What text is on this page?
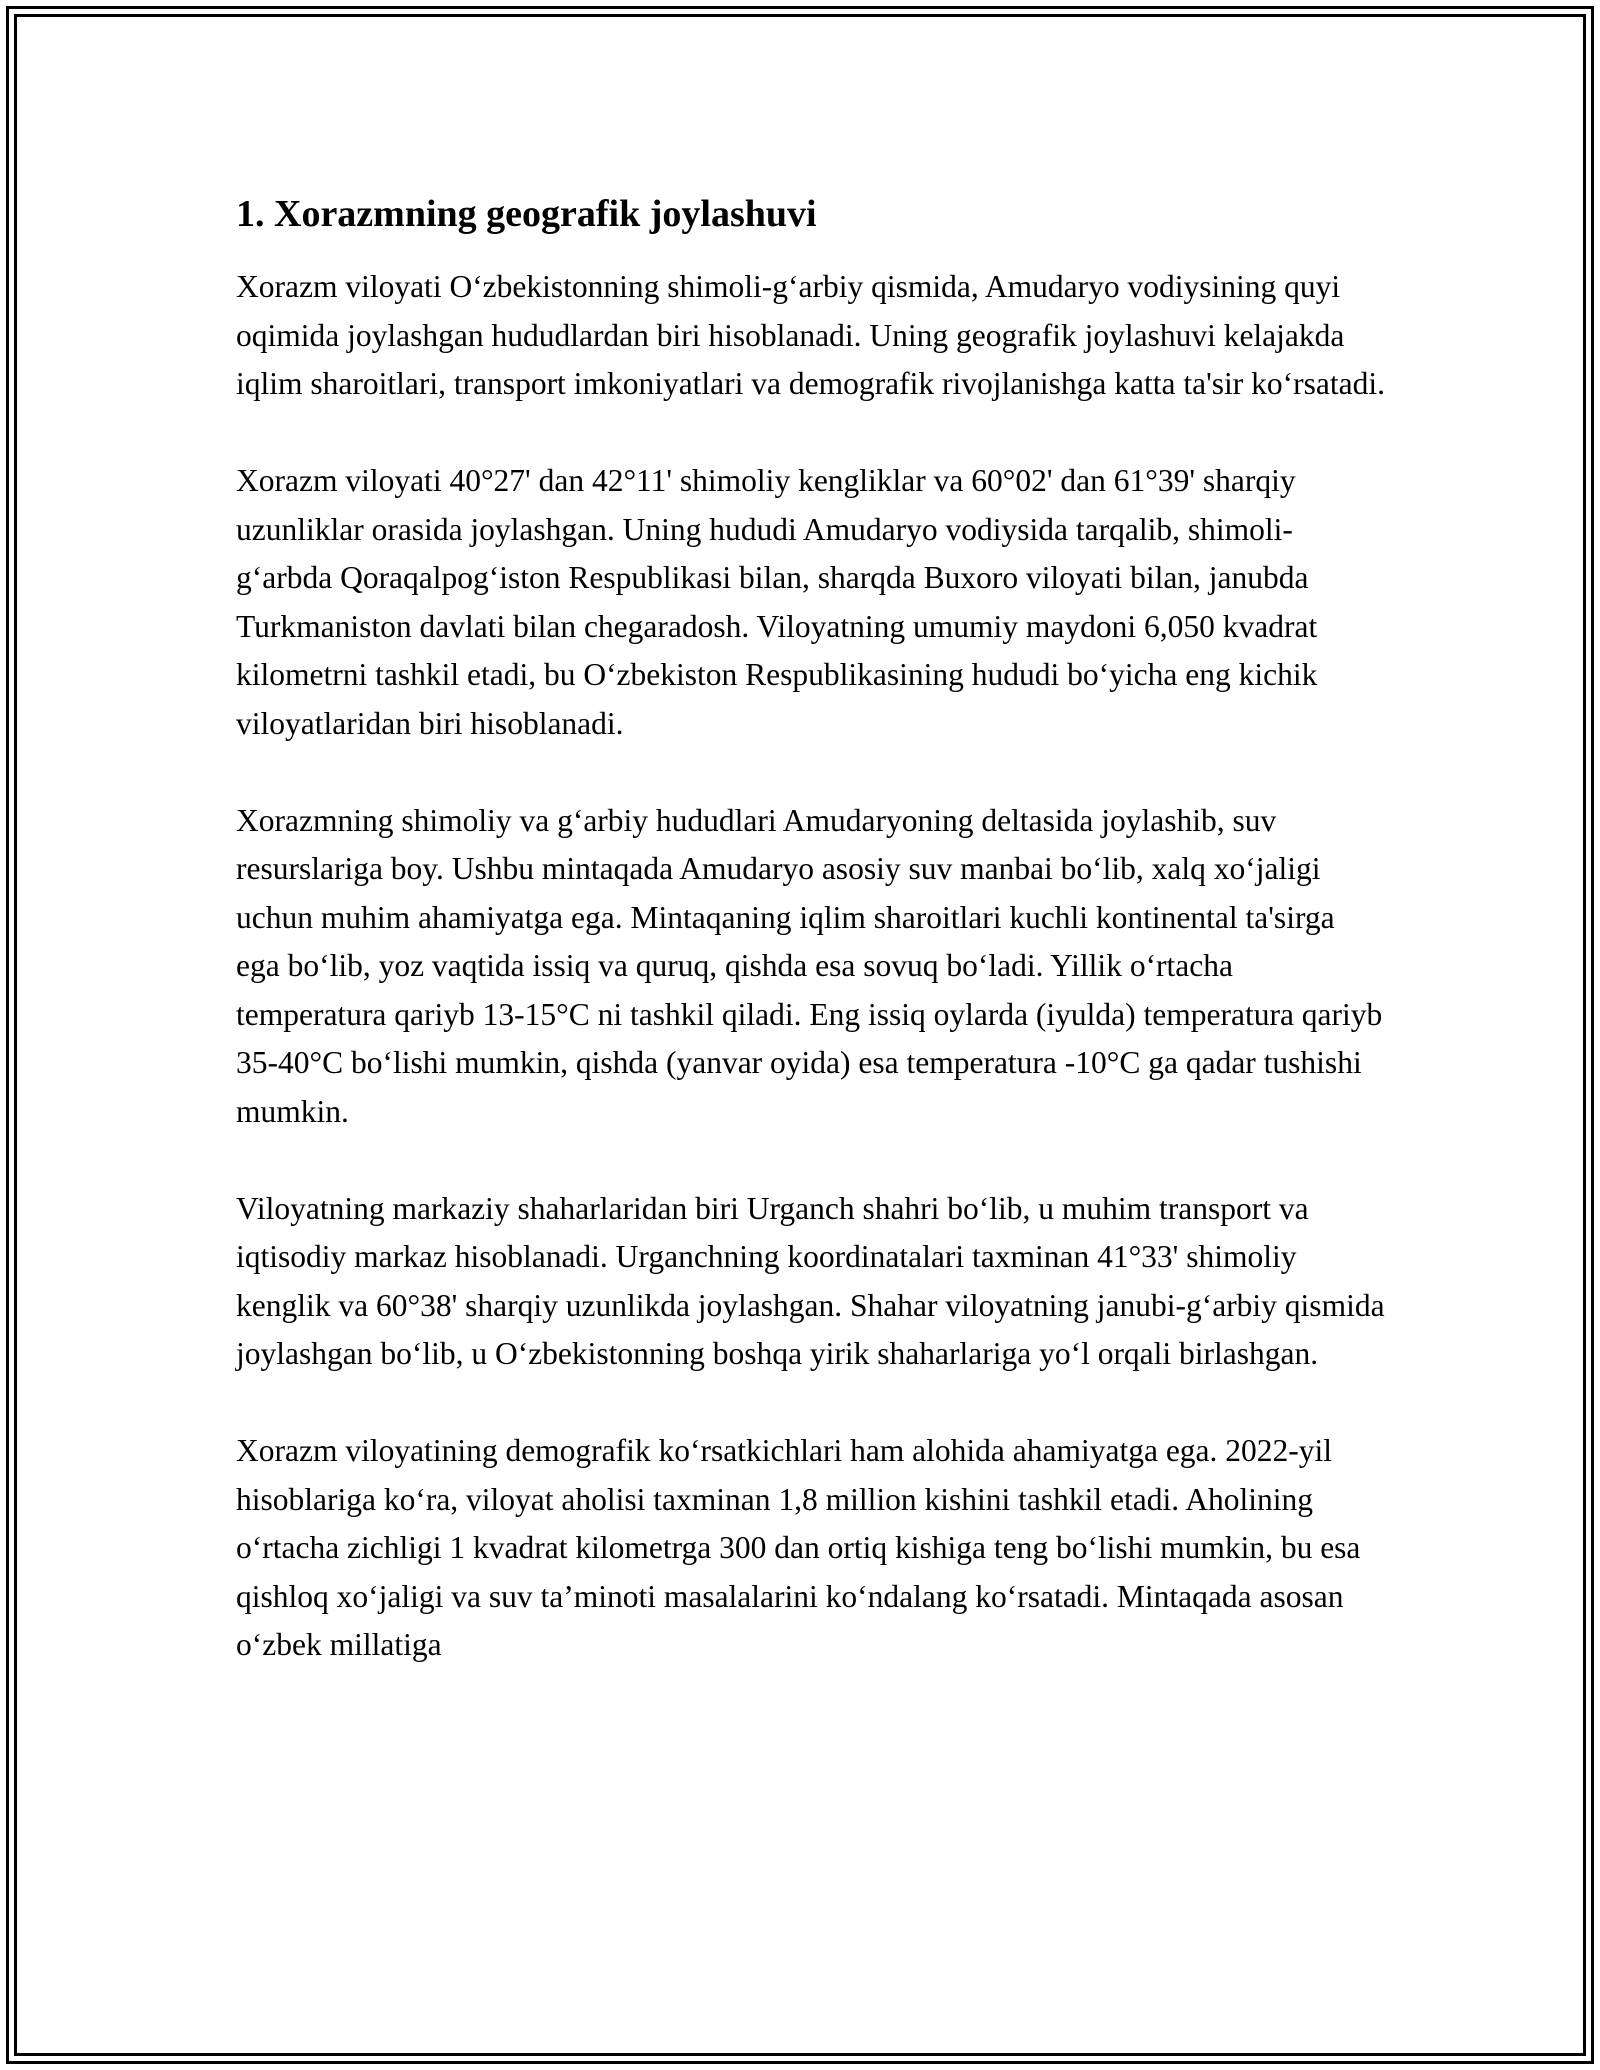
1. Xorazmning geografik joylashuvi

Xorazm viloyati O‘zbekistonning shimoli-g‘arbiy qismida, Amudaryo vodiysining quyi oqimida joylashgan hududlardan biri hisoblanadi. Uning geografik joylashuvi kelajakda iqlim sharoitlari, transport imkoniyatlari va demografik rivojlanishga katta ta'sir ko‘rsatadi.

Xorazm viloyati 40°27' dan 42°11' shimoliy kengliklar va 60°02' dan 61°39' sharqiy uzunliklar orasida joylashgan. Uning hududi Amudaryo vodiysida tarqalib, shimoli-g‘arbda Qoraqalpog‘iston Respublikasi bilan, sharqda Buxoro viloyati bilan, janubda Turkmaniston davlati bilan chegaradosh. Viloyatning umumiy maydoni 6,050 kvadrat kilometrni tashkil etadi, bu O‘zbekiston Respublikasining hududi bo‘yicha eng kichik viloyatlaridan biri hisoblanadi.

Xorazmning shimoliy va g‘arbiy hududlari Amudaryoning deltasida joylashib, suv resurslariga boy. Ushbu mintaqada Amudaryo asosiy suv manbai bo‘lib, xalq xo‘jaligi uchun muhim ahamiyatga ega. Mintaqaning iqlim sharoitlari kuchli kontinental ta'sirga ega bo‘lib, yoz vaqtida issiq va quruq, qishda esa sovuq bo‘ladi. Yillik o‘rtacha temperatura qariyb 13-15°C ni tashkil qiladi. Eng issiq oylarda (iyulda) temperatura qariyb 35-40°C bo‘lishi mumkin, qishda (yanvar oyida) esa temperatura -10°C ga qadar tushishi mumkin.

Viloyatning markaziy shaharlaridan biri Urganch shahri bo‘lib, u muhim transport va iqtisodiy markaz hisoblanadi. Urganchning koordinatalari taxminan 41°33' shimoliy kenglik va 60°38' sharqiy uzunlikda joylashgan. Shahar viloyatning janubi-g‘arbiy qismida joylashgan bo‘lib, u O‘zbekistonning boshqa yirik shaharlariga yo‘l orqali birlashgan.

Xorazm viloyatining demografik ko‘rsatkichlari ham alohida ahamiyatga ega. 2022-yil hisoblariga ko‘ra, viloyat aholisi taxminan 1,8 million kishini tashkil etadi. Aholining o‘rtacha zichligi 1 kvadrat kilometrga 300 dan ortiq kishiga teng bo‘lishi mumkin, bu esa qishloq xo‘jaligi va suv ta’minoti masalalarini ko‘ndalang ko‘rsatadi. Mintaqada asosan o‘zbek millatiga
